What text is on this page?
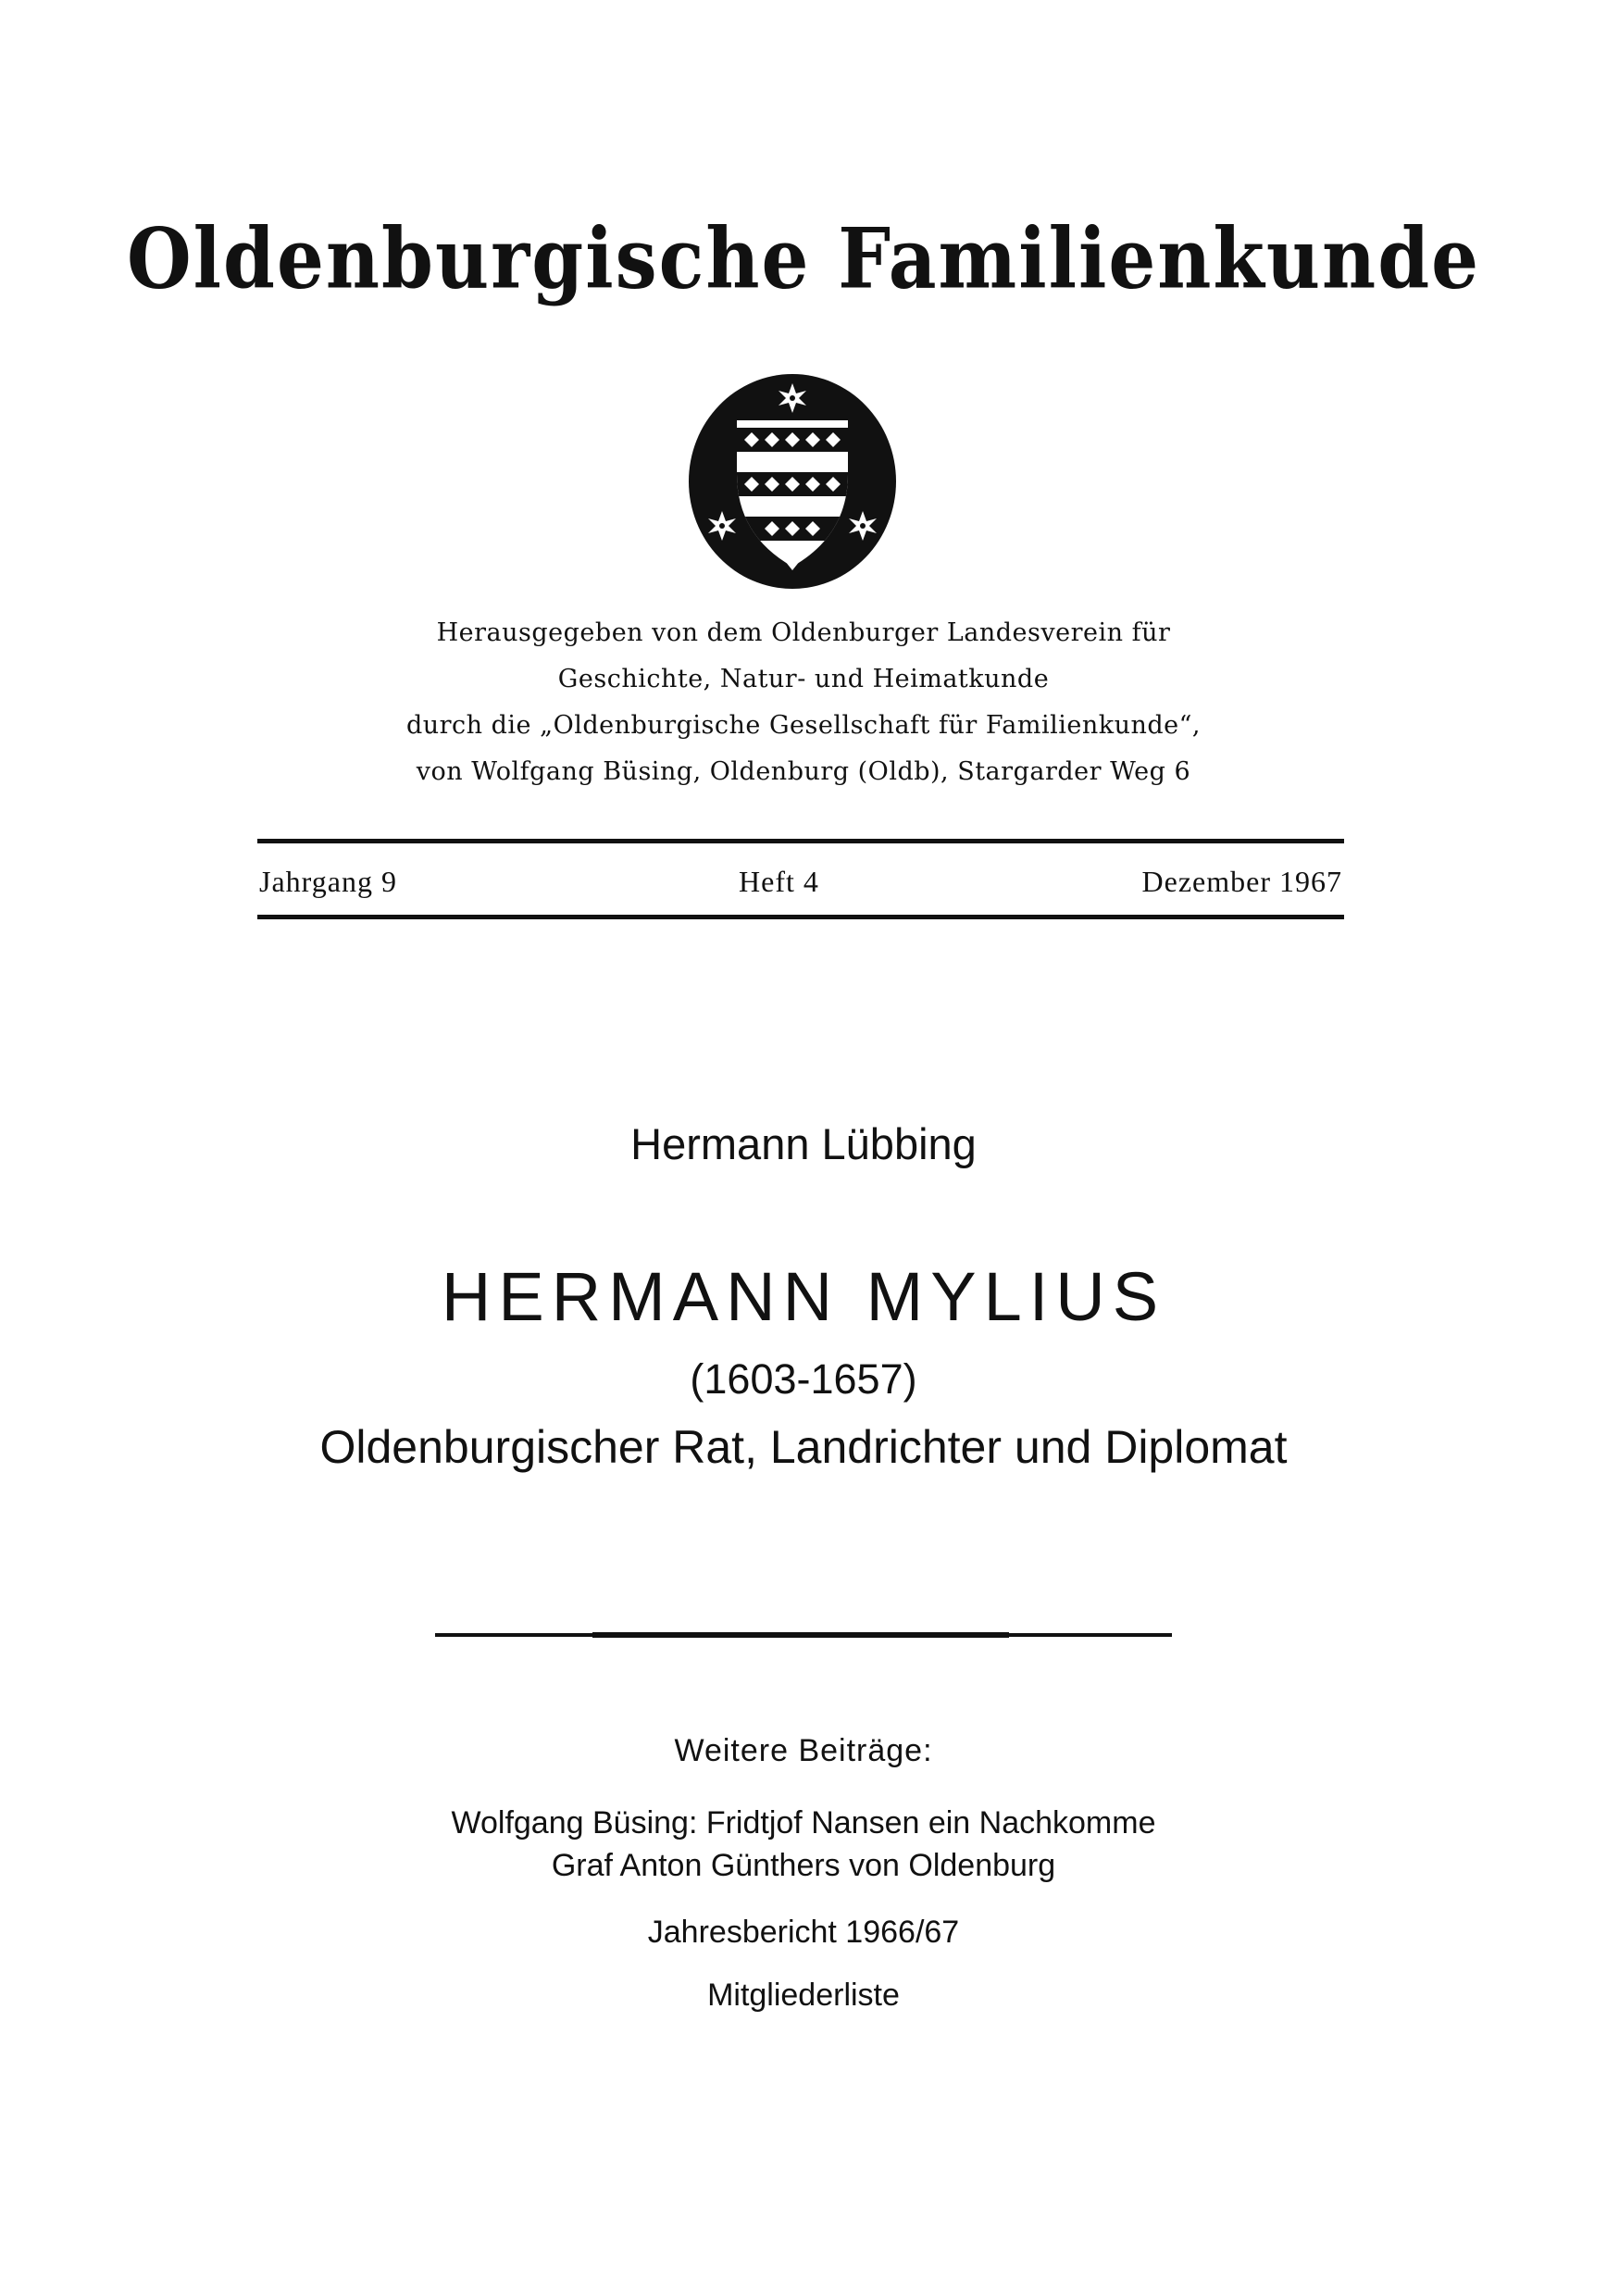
Oldenburgische Familienkunde
Herausgegeben von dem Oldenburger Landesverein für
Geschichte, Natur- und Heimatkunde
durch die „Oldenburgische Gesellschaft für Familienkunde“,
von Wolfgang Büsing, Oldenburg (Oldb), Stargarder Weg 6
Jahrgang 9	Heft 4	Dezember 1967
Hermann Lübbing
HERMANN MYLIUS
(1603-1657)
Oldenburgischer Rat, Landrichter und Diplomat
Weitere Beiträge:
Wolfgang Büsing: Fridtjof Nansen ein Nachkomme
Graf Anton Günthers von Oldenburg
Jahresbericht 1966/67
Mitgliederliste
